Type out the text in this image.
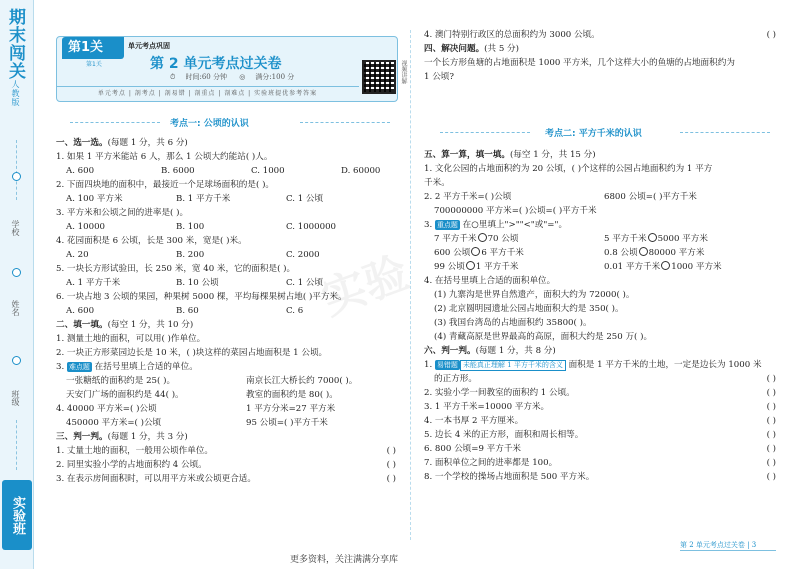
期末闯关人教版
学校
姓名
班级
实验班
实验
第1关	单元考点巩固
第1关	第 2 单元考点过关卷
⏱ 时间:60 分钟 ◎ 满分:100 分
单元考点 | 剖考点 | 剖易错 | 剖重点 | 剖难点 | 实验班提优参考答案
视频讲解
考点一: 公顷的认识
一、选一选。(每题 1 分，共 6 分)
1. 如果 1 平方米能站 6 人，那么 1 公顷大约能站( )人。
A. 600	B. 6000	C. 1000	D. 60000

2. 下面四块地的面积中，最接近一个足球场面积的是( )。
A. 100 平方米	B. 1 平方千米	C. 1 公顷

3. 平方米和公顷之间的进率是( )。
A. 10000	B. 100	C. 1000000

4. 花园面积是 6 公顷，长是 300 米，宽是( )米。
A. 20	B. 200	C. 2000

5. 一块长方形试验田，长 250 米，宽 40 米，它的面积是( )。
A. 1 平方千米	B. 10 公顷	C. 1 公顷

6. 一块占地 3 公顷的果园，种果树 5000 棵，平均每棵果树占地( )平方米。
A. 600	B. 60	C. 6

二、填一填。(每空 1 分，共 10 分)
1. 测量土地的面积，可以用( )作单位。
2. 一块正方形菜园边长是 10 米，( )块这样的菜园占地面积是 1 公顷。
3. 难点题 在括号里填上合适的单位。
一张糖纸的面积约是 25( )。	南京长江大桥长约 7000( )。

天安门广场的面积约是 44( )。	教室的面积约是 80( )。

4. 40000 平方米=( )公顷	1 平方分米=27 平方米

450000 平方米=( )公顷	95 公顷=( )平方千米

三、判一判。(每题 1 分，共 3 分)
1. 丈量土地的面积，一般用公顷作单位。	( )
2. 同里实验小学的占地面积约 4 公顷。	( )
3. 在表示房间面积时，可以用平方米或公顷更合适。	( )
4. 澳门特别行政区的总面积约为 3000 公顷。	( )
四、解决问题。(共 5 分)
一个长方形鱼塘的占地面积是 1000 平方米，几个这样大小的鱼塘的占地面积约为
1 公顷?
考点二: 平方千米的认识
五、算一算，填一填。(每空 1 分，共 15 分)
1. 文化公园的占地面积约为 20 公顷，( )个这样的公园占地面积约为 1 平方
千米。
2. 2 平方千米=( )公顷	6800 公顷=( )平方千米

700000000 平方米=( )公顷=( )平方千米
3. 重点题 在○里填上">""<"或"="。
7 平方千米 70 公顷	5 平方千米 5000 平方米

600 公顷 6 平方千米	0.8 公顷 80000 平方米

99 公顷 1 平方千米	0.01 平方千米 1000 平方米

4. 在括号里填上合适的面积单位。
(1) 九寨沟是世界自然遗产，面积大约为 72000( )。
(2) 北京圆明园遗址公园占地面积大约是 350( )。
(3) 我国台湾岛的占地面积约 35800( )。
(4) 青藏高原是世界最高的高原，面积大约是 250 万( )。
六、判一判。(每题 1 分，共 8 分)
1. 易错题 未能真正理解 1 平方千米的含义 面积是 1 平方千米的土地，一定是边长为 1000 米
的正方形。	( )
2. 实验小学一间教室的面积约 1 公顷。	( )
3. 1 平方千米=10000 平方米。	( )
4. 一本书厚 2 平方厘米。	( )
5. 边长 4 米的正方形，面积和周长相等。	( )
6. 800 公顷=9 平方千米	( )
7. 面积单位之间的进率都是 100。	( )
8. 一个学校的操场占地面积是 500 平方米。	( )
第 2 单元考点过关卷 | 3
更多资料，关注满满分享库
